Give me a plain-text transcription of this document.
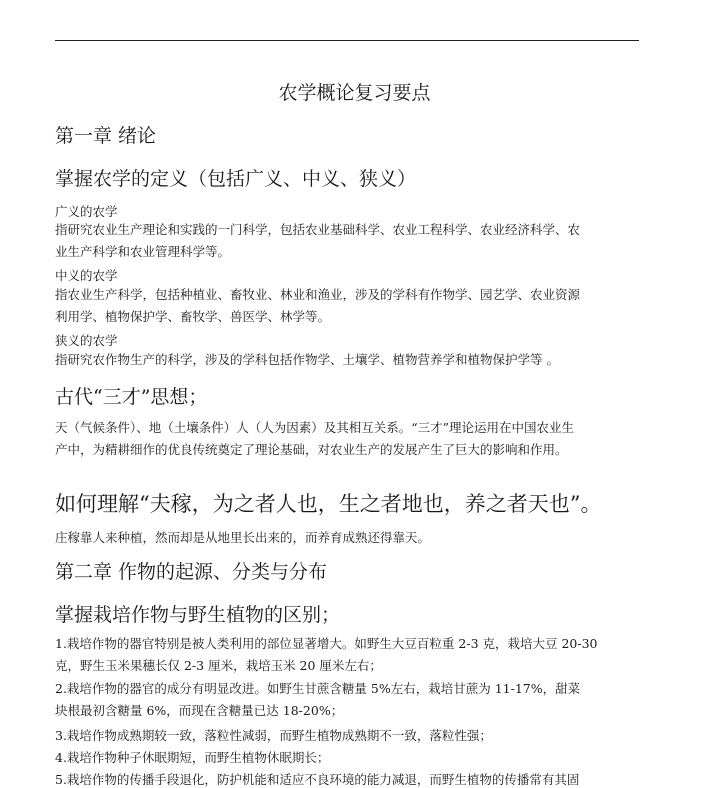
农学概论复习要点
第一章 绪论
掌握农学的定义（包括广义、中义、狭义）
广义的农学
指研究农业生产理论和实践的一门科学，包括农业基础科学、农业工程科学、农业经济科学、农
业生产科学和农业管理科学等。
中义的农学
指农业生产科学，包括种植业、畜牧业、林业和渔业，涉及的学科有作物学、园艺学、农业资源
利用学、植物保护学、畜牧学、兽医学、林学等。
狭义的农学
指研究农作物生产的科学，涉及的学科包括作物学、土壤学、植物营养学和植物保护学等 。
古代“三才”思想；
天（气候条件）、地（土壤条件）人（人为因素）及其相互关系。“三才”理论运用在中国农业生
产中，为精耕细作的优良传统奠定了理论基础，对农业生产的发展产生了巨大的影响和作用。
如何理解“夫稼，为之者人也，生之者地也，养之者天也”。
庄稼靠人来种植，然而却是从地里长出来的，而养育成熟还得靠天。
第二章 作物的起源、分类与分布
掌握栽培作物与野生植物的区别；
1.栽培作物的器官特别是被人类利用的部位显著增大。如野生大豆百粒重 2-3 克，栽培大豆 20-30
克，野生玉米果穗长仅 2-3 厘米，栽培玉米 20 厘米左右；
2.栽培作物的器官的成分有明显改进。如野生甘蔗含糖量 5%左右，栽培甘蔗为 11-17%，甜菜
块根最初含糖量 6%，而现在含糖量已达 18-20%；
3.栽培作物成熟期较一致，落粒性减弱，而野生植物成熟期不一致，落粒性强；
4.栽培作物种子休眠期短，而野生植物休眠期长；
5.栽培作物的传播手段退化，防护机能和适应不良环境的能力减退，而野生植物的传播常有其固
